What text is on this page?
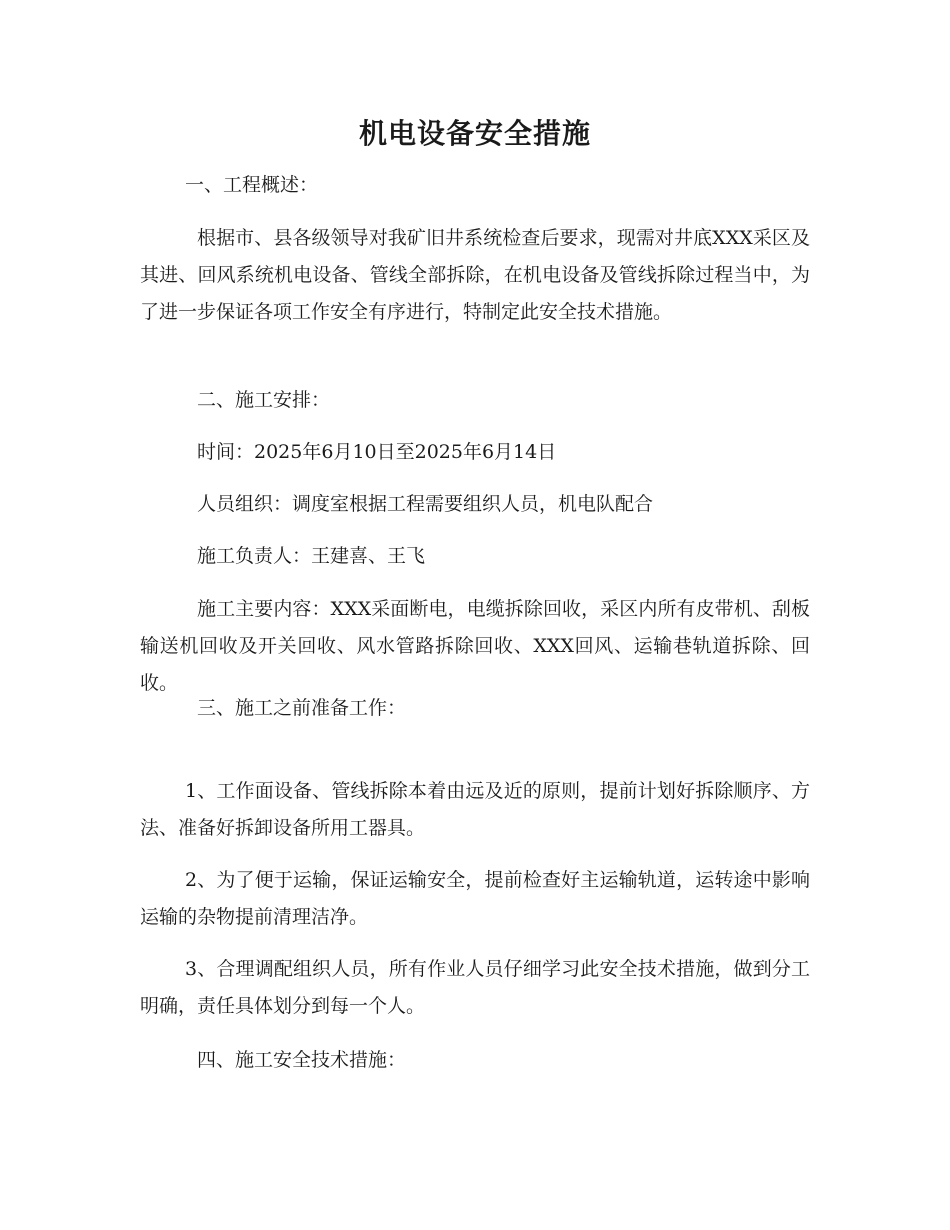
机电设备安全措施

一、工程概述：

根据市、县各级领导对我矿旧井系统检查后要求，现需对井底XXX采区及其进、回风系统机电设备、管线全部拆除，在机电设备及管线拆除过程当中，为了进一步保证各项工作安全有序进行，特制定此安全技术措施。

二、施工安排：

时间：2025年6月10日至2025年6月14日

人员组织：调度室根据工程需要组织人员，机电队配合

施工负责人：王建喜、王飞

施工主要内容：XXX采面断电，电缆拆除回收，采区内所有皮带机、刮板输送机回收及开关回收、风水管路拆除回收、XXX回风、运输巷轨道拆除、回收。

三、施工之前准备工作：

1、工作面设备、管线拆除本着由远及近的原则，提前计划好拆除顺序、方法、准备好拆卸设备所用工器具。

2、为了便于运输，保证运输安全，提前检查好主运输轨道，运转途中影响运输的杂物提前清理洁净。

3、合理调配组织人员，所有作业人员仔细学习此安全技术措施，做到分工明确，责任具体划分到每一个人。

四、施工安全技术措施：
